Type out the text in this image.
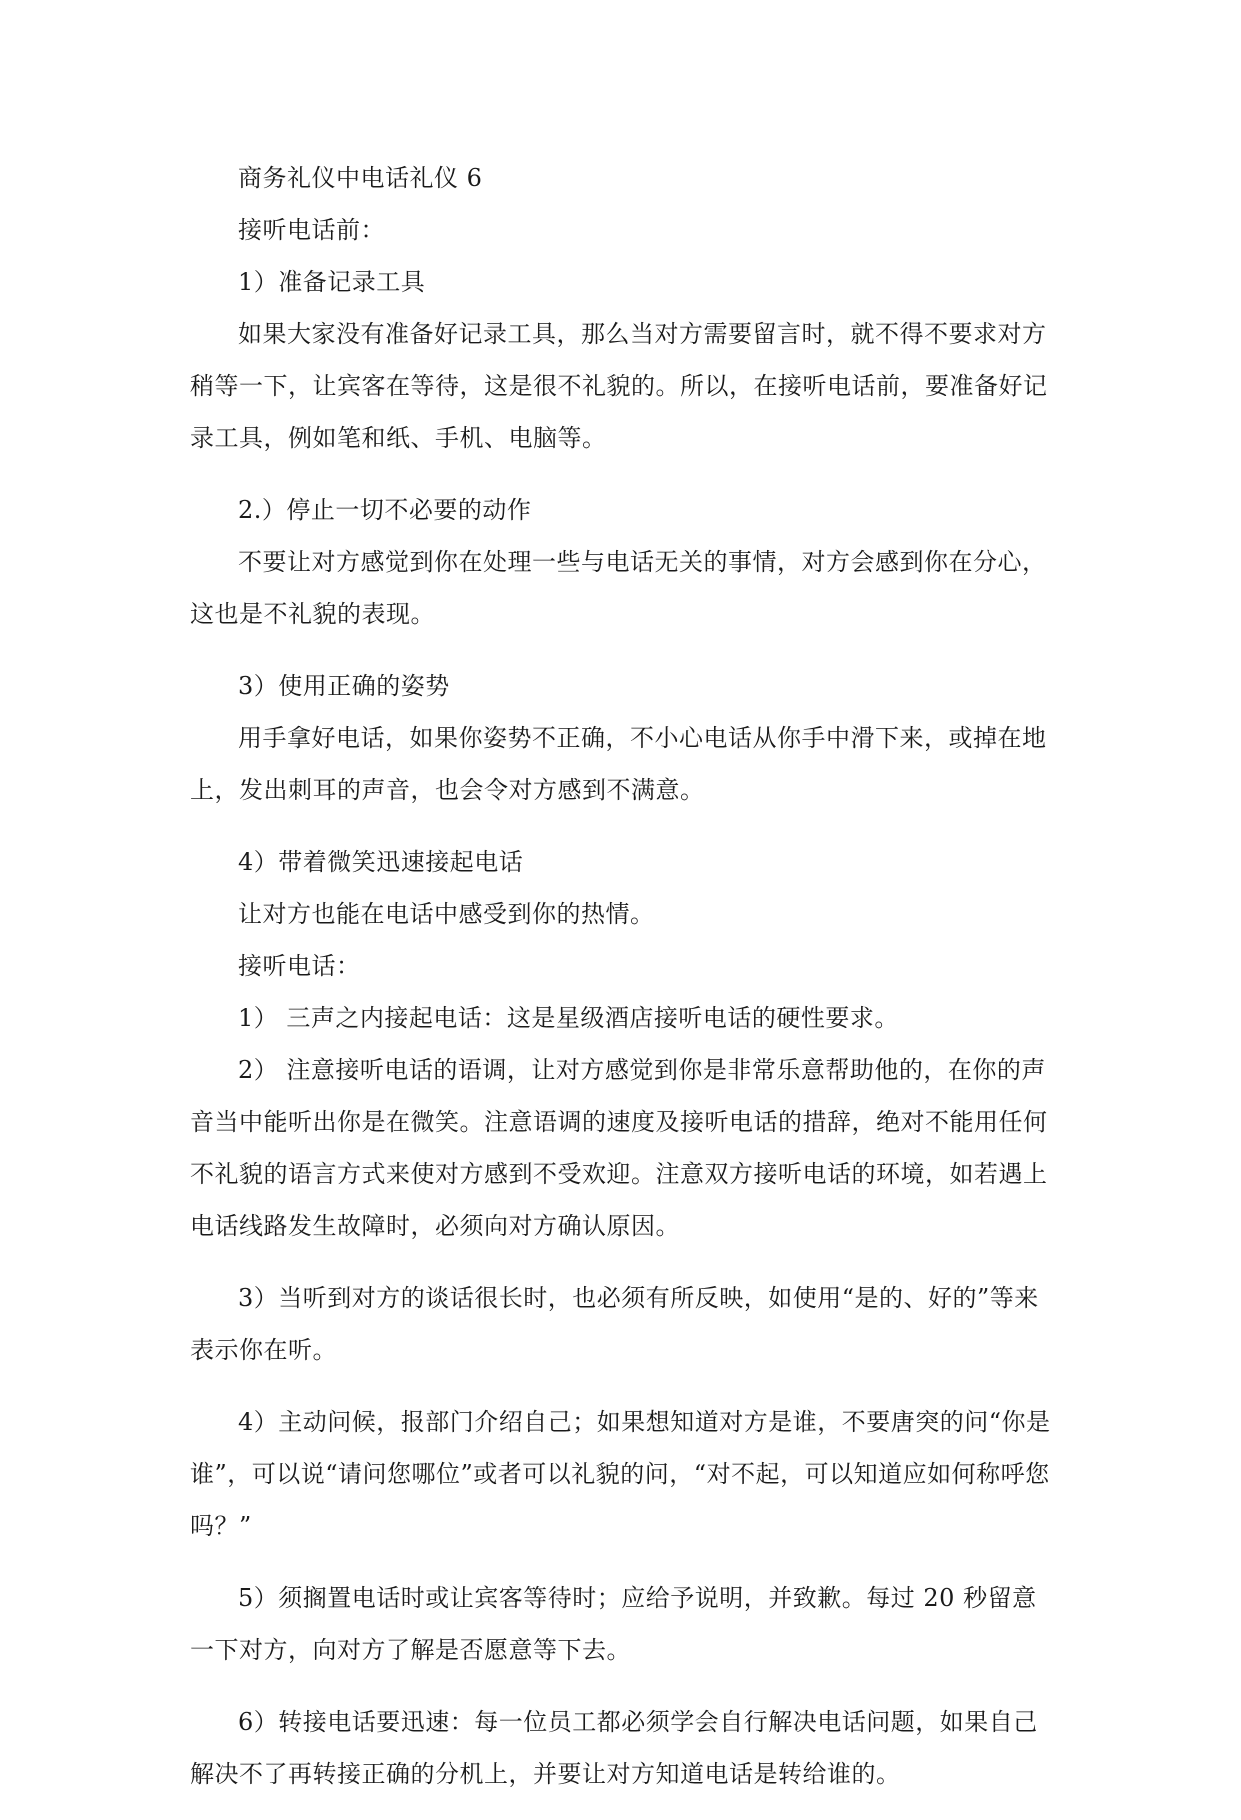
商务礼仪中电话礼仪 6

接听电话前：

1）准备记录工具

如果大家没有准备好记录工具，那么当对方需要留言时，就不得不要求对方稍等一下，让宾客在等待，这是很不礼貌的。所以，在接听电话前，要准备好记录工具，例如笔和纸、手机、电脑等。

2.）停止一切不必要的动作

不要让对方感觉到你在处理一些与电话无关的事情，对方会感到你在分心，这也是不礼貌的表现。

3）使用正确的姿势

用手拿好电话，如果你姿势不正确，不小心电话从你手中滑下来，或掉在地上，发出刺耳的声音，也会令对方感到不满意。

4）带着微笑迅速接起电话

让对方也能在电话中感受到你的热情。

接听电话：

1） 三声之内接起电话：这是星级酒店接听电话的硬性要求。

2） 注意接听电话的语调，让对方感觉到你是非常乐意帮助他的，在你的声音当中能听出你是在微笑。注意语调的速度及接听电话的措辞，绝对不能用任何不礼貌的语言方式来使对方感到不受欢迎。注意双方接听电话的环境，如若遇上电话线路发生故障时，必须向对方确认原因。

3）当听到对方的谈话很长时，也必须有所反映，如使用“是的、好的”等来表示你在听。

4）主动问候，报部门介绍自己；如果想知道对方是谁，不要唐突的问“你是谁”，可以说“请问您哪位”或者可以礼貌的问，“对不起，可以知道应如何称呼您吗？”

5）须搁置电话时或让宾客等待时；应给予说明，并致歉。每过 20 秒留意一下对方，向对方了解是否愿意等下去。

6）转接电话要迅速：每一位员工都必须学会自行解决电话问题，如果自己解决不了再转接正确的分机上，并要让对方知道电话是转给谁的。
